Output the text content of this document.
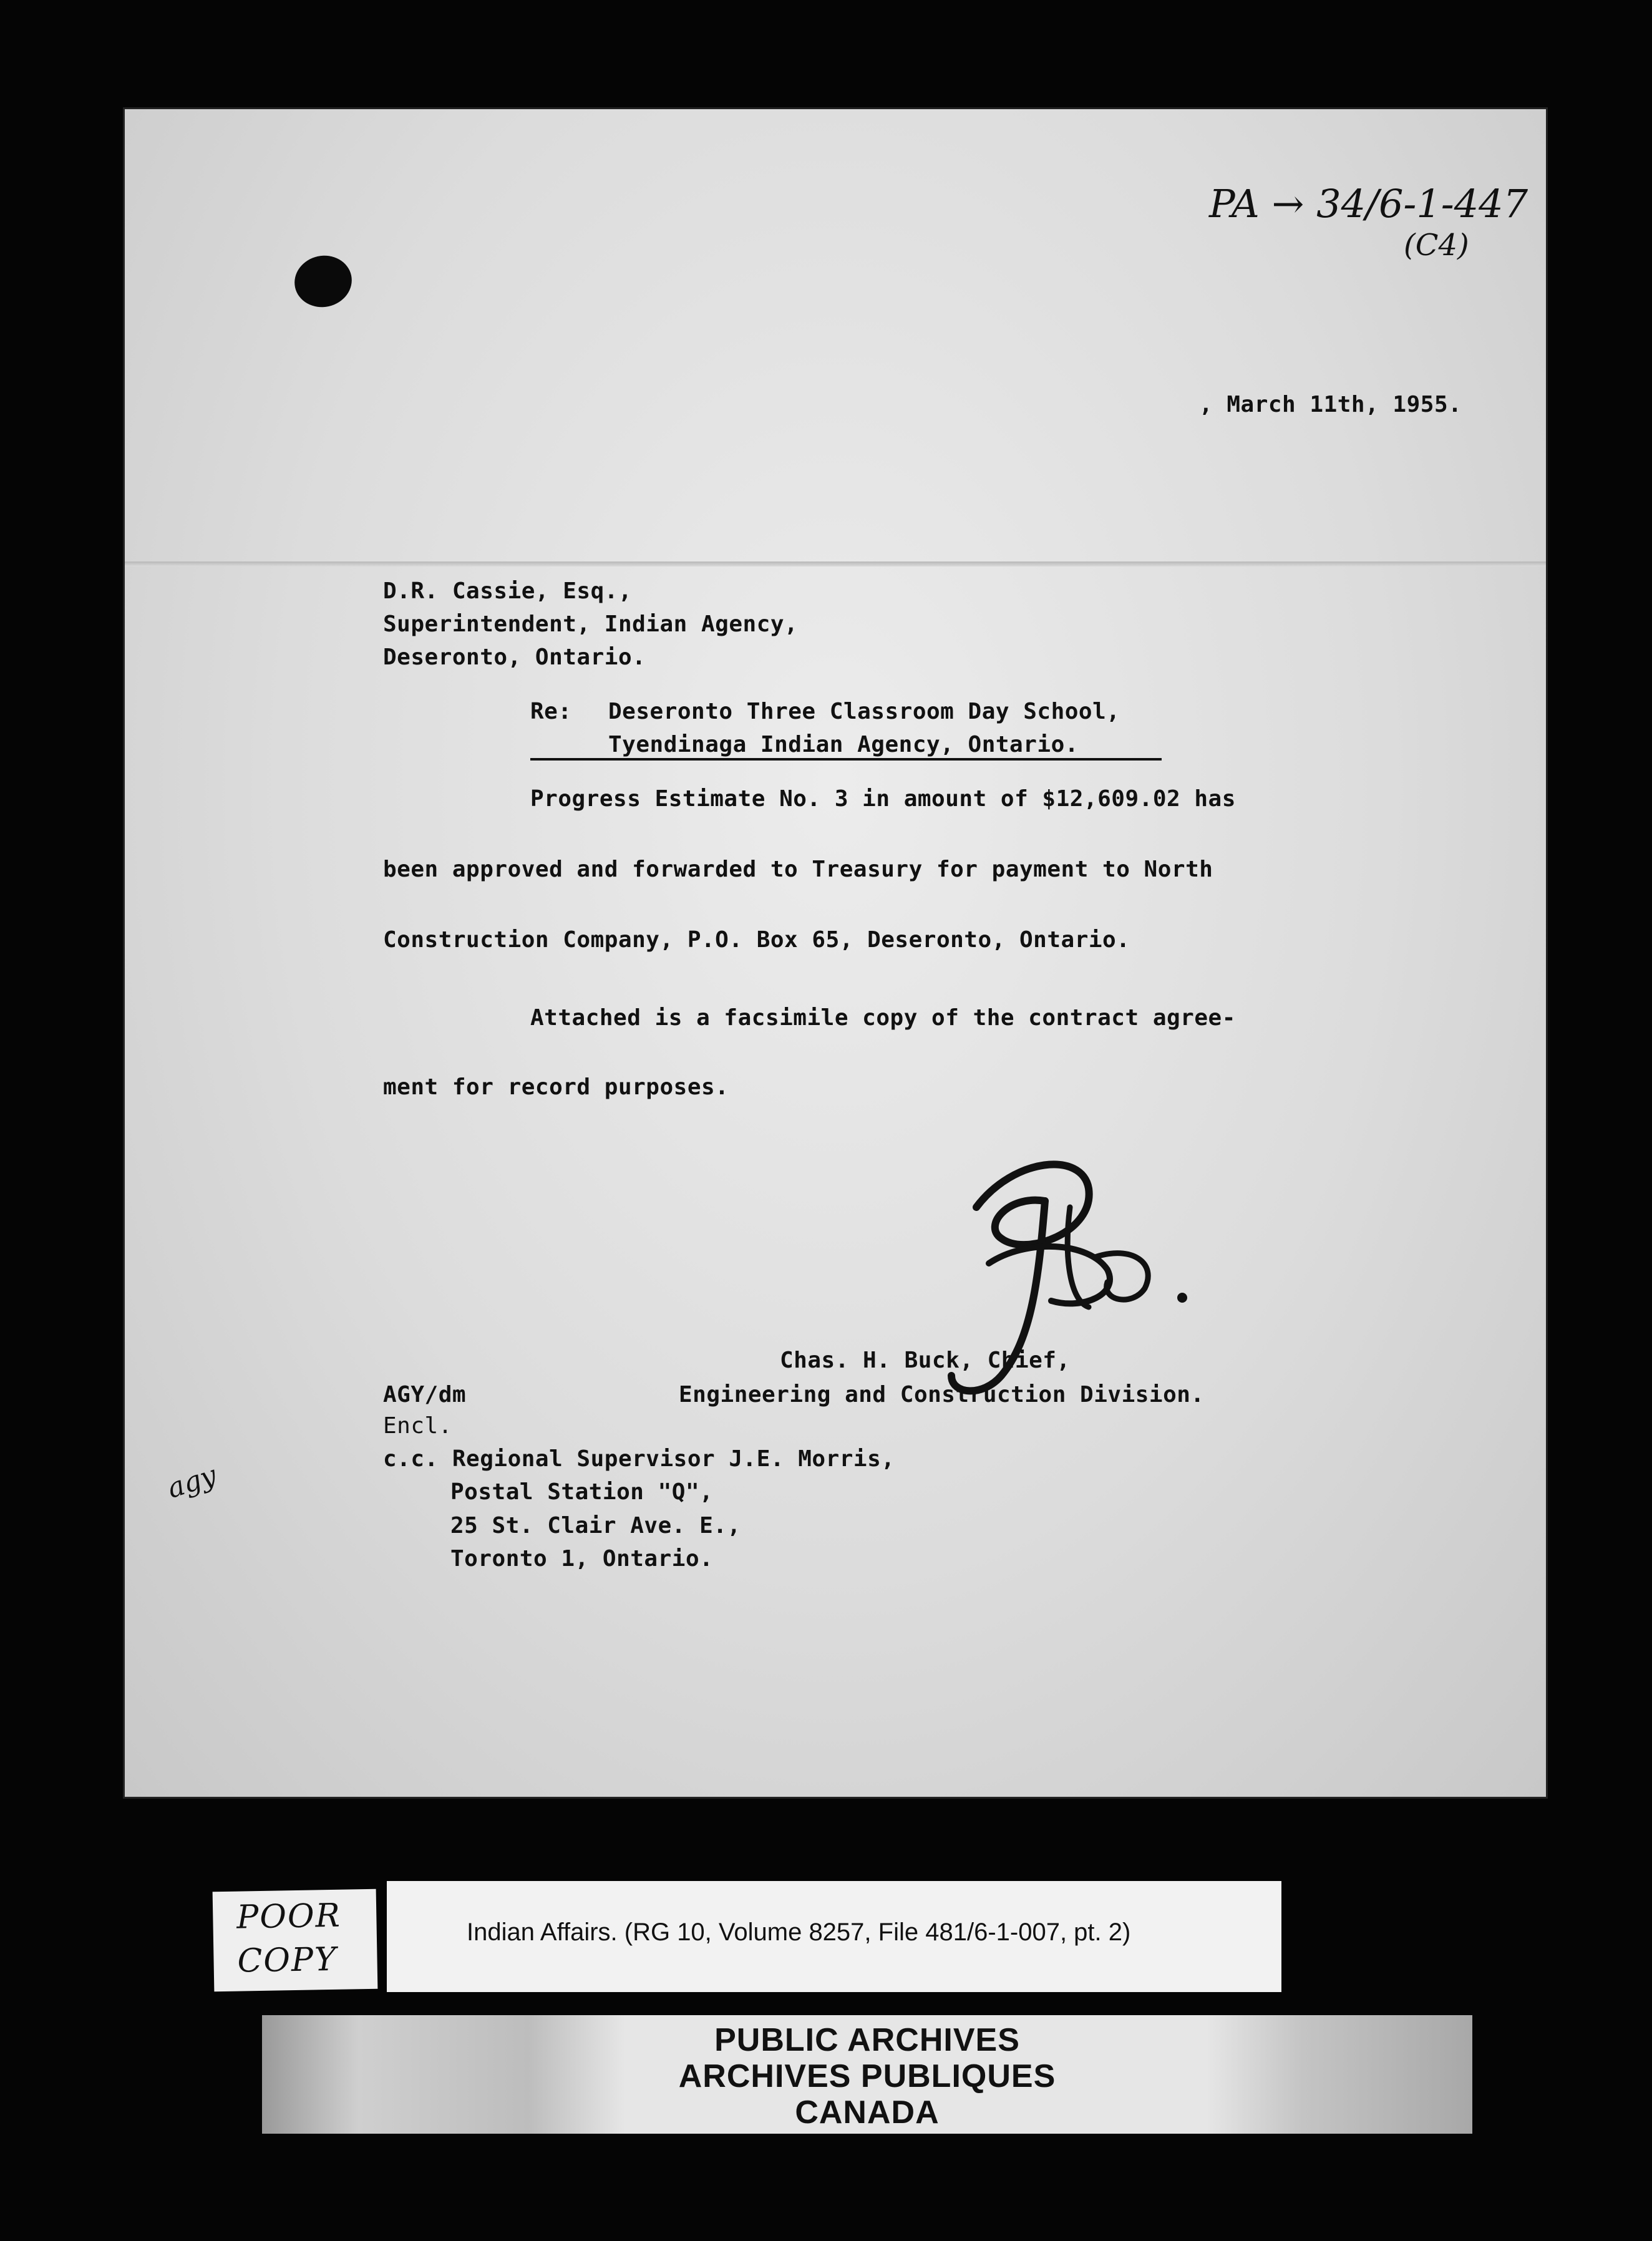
PA → 34/6-1-447
(C4)
, March 11th, 1955.
D.R. Cassie, Esq.,
Superintendent, Indian Agency,
Deseronto, Ontario.
Re: Deseronto Three Classroom Day School,
Tyendinaga Indian Agency, Ontario.
Progress Estimate No. 3 in amount of $12,609.02 has
been approved and forwarded to Treasury for payment to North
Construction Company, P.O. Box 65, Deseronto, Ontario.
Attached is a facsimile copy of the contract agree-
ment for record purposes.
Chas. H. Buck, Chief,
Engineering and Construction Division.
AGY/dm
Encl.
c.c. Regional Supervisor J.E. Morris,
Postal Station "Q",
25 St. Clair Ave. E.,
Toronto 1, Ontario.
agy
POOR
COPY
Indian Affairs. (RG 10, Volume 8257, File 481/6-1-007, pt. 2)
PUBLIC ARCHIVES
ARCHIVES PUBLIQUES
CANADA
